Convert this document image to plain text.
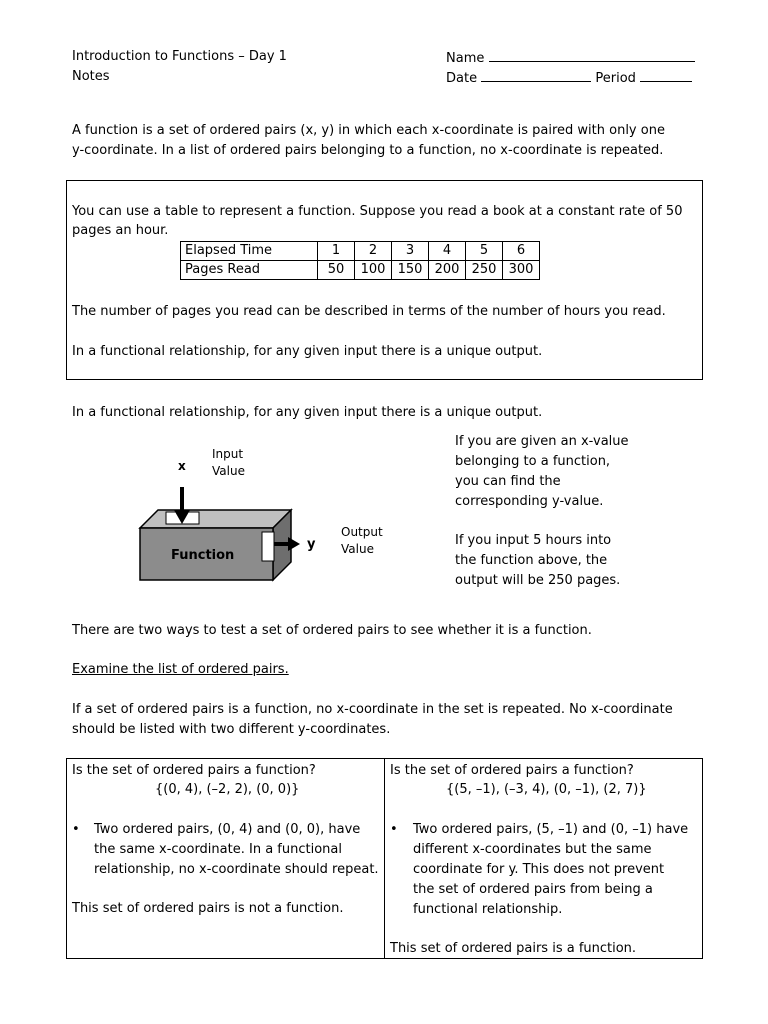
Introduction to Functions – Day 1
Notes
Name
Date	Period
A function is a set of ordered pairs (x, y) in which each x-coordinate is paired with only one
y-coordinate. In a list of ordered pairs belonging to a function, no x-coordinate is repeated.
You can use a table to represent a function. Suppose you read a book at a constant rate of 50
pages an hour.
Elapsed Time	1	2	3	4	5	6
Pages Read	50	100	150	200	250	300
The number of pages you read can be described in terms of the number of hours you read.
In a functional relationship, for any given input there is a unique output.
In a functional relationship, for any given input there is a unique output.
x
Input
Value
Function
y
Output
Value
If you are given an x-value
belonging to a function,
you can find the
corresponding y-value.
If you input 5 hours into
the function above, the
output will be 250 pages.
There are two ways to test a set of ordered pairs to see whether it is a function.
Examine the list of ordered pairs.
If a set of ordered pairs is a function, no x-coordinate in the set is repeated. No x-coordinate
should be listed with two different y-coordinates.
Is the set of ordered pairs a function?
{(0, 4), (–2, 2), (0, 0)}
• Two ordered pairs, (0, 4) and (0, 0), have
the same x-coordinate. In a functional
relationship, no x-coordinate should repeat.
This set of ordered pairs is not a function.
Is the set of ordered pairs a function?
{(5, –1), (–3, 4), (0, –1), (2, 7)}
• Two ordered pairs, (5, –1) and (0, –1) have
different x-coordinates but the same
coordinate for y. This does not prevent
the set of ordered pairs from being a
functional relationship.
This set of ordered pairs is a function.
